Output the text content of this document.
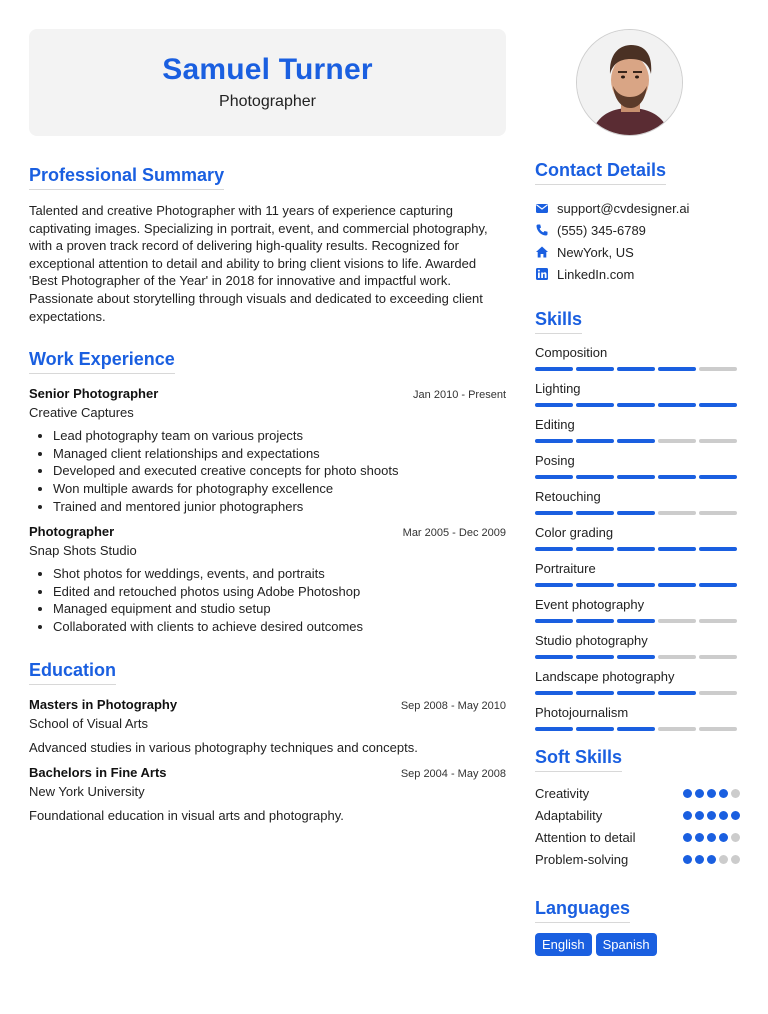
Samuel Turner
Photographer
Professional Summary

Talented and creative Photographer with 11 years of experience capturing captivating images. Specializing in portrait, event, and commercial photography, with a proven track record of delivering high-quality results. Recognized for exceptional attention to detail and ability to bring client visions to life. Awarded 'Best Photographer of the Year' in 2018 for innovative and impactful work. Passionate about storytelling through visuals and dedicated to exceeding client expectations.

Work Experience
Senior Photographer	Jan 2010 - Present
Creative Captures
• Lead photography team on various projects
• Managed client relationships and expectations
• Developed and executed creative concepts for photo shoots
• Won multiple awards for photography excellence
• Trained and mentored junior photographers
Photographer	Mar 2005 - Dec 2009
Snap Shots Studio
• Shot photos for weddings, events, and portraits
• Edited and retouched photos using Adobe Photoshop
• Managed equipment and studio setup
• Collaborated with clients to achieve desired outcomes
Education
Masters in Photography	Sep 2008 - May 2010
School of Visual Arts
Advanced studies in various photography techniques and concepts.
Bachelors in Fine Arts	Sep 2004 - May 2008
New York University
Foundational education in visual arts and photography.
Contact Details
support@cvdesigner.ai
(555) 345-6789
NewYork, US
LinkedIn.com
Skills
Composition
Lighting
Editing
Posing
Retouching
Color grading
Portraiture
Event photography
Studio photography
Landscape photography
Photojournalism
Soft Skills
Creativity
Adaptability
Attention to detail
Problem-solving
Languages
English	Spanish
